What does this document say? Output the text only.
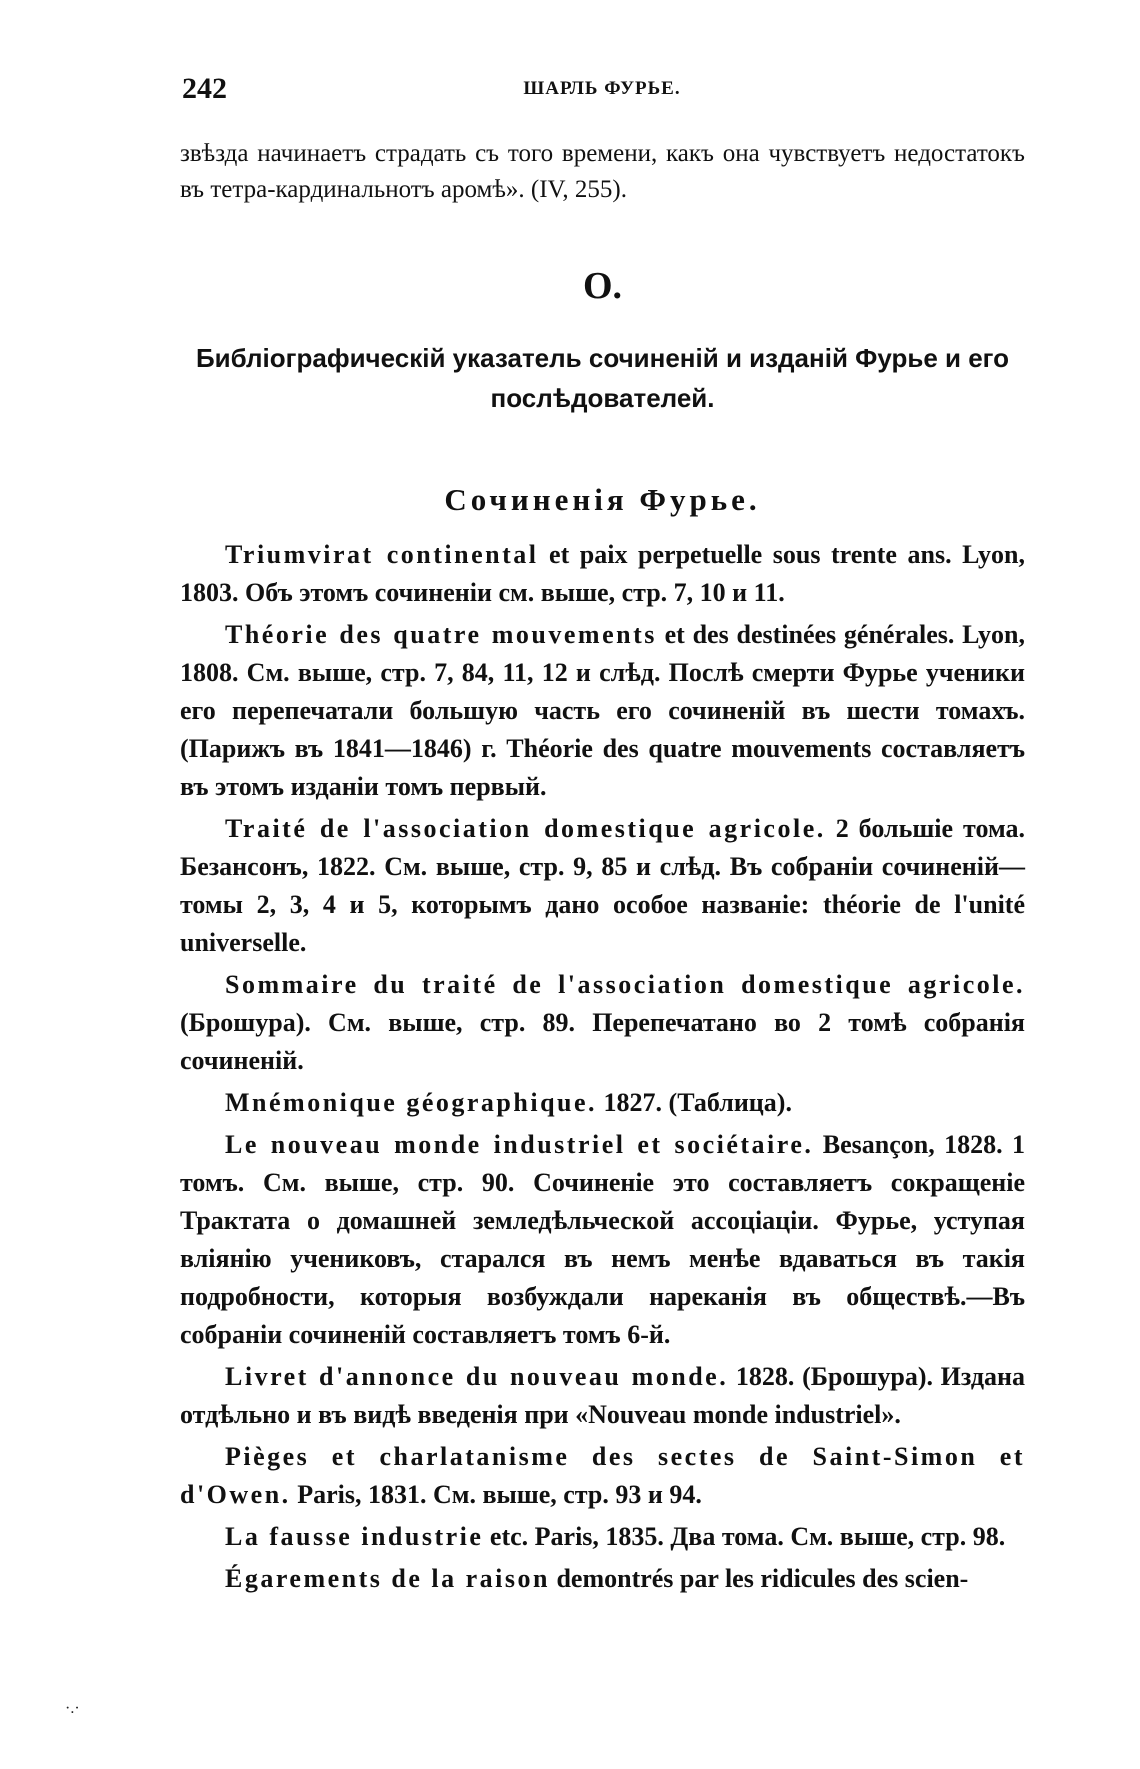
242	ШАРЛЬ ФУРЬЕ.

звѣзда начинаетъ страдать съ того времени, какъ она чувствуетъ недостатокъ въ тетра-кардинальнотъ аромѣ». (IV, 255).

O.
Библіографическій указатель сочиненій и изданій Фурье и его
послѣдователей.
Сочиненія Фурье.

Triumvirat continental et paix perpetuelle sous trente ans. Lyon, 1803. Объ этомъ сочиненіи см. выше, стр. 7, 10 и 11.

Théorie des quatre mouvements et des destinées générales. Lyon, 1808. См. выше, стр. 7, 84, 11, 12 и слѣд. Послѣ смерти Фурье ученики его перепечатали большую часть его сочиненій въ шести томахъ. (Парижъ въ 1841—1846) г. Théorie des quatre mouvements составляетъ въ этомъ изданіи томъ первый.

Traité de l'association domestique agricole. 2 большіе тома. Безансонъ, 1822. См. выше, стр. 9, 85 и слѣд. Въ собраніи сочиненій— томы 2, 3, 4 и 5, которымъ дано особое названіе: théorie de l'unité universelle.

Sommaire du traité de l'association domestique agricole. (Брошура). См. выше, стр. 89. Перепечатано во 2 томѣ собранія сочиненій.

Mnémonique géographique. 1827. (Таблица).

Le nouveau monde industriel et sociétaire. Besançon, 1828. 1 томъ. См. выше, стр. 90. Сочиненіе это составляетъ сокращеніе Трактата о домашней земледѣльческой ассоціаціи. Фурье, уступая вліянію учениковъ, старался въ немъ менѣе вдаваться въ такія подробности, которыя возбуждали нареканія въ обществѣ.—Въ собраніи сочиненій составляетъ томъ 6-й.

Livret d'annonce du nouveau monde. 1828. (Брошура). Издана отдѣльно и въ видѣ введенія при «Nouveau monde industriel».

Pièges et charlatanisme des sectes de Saint-Simon et d'Owen. Paris, 1831. См. выше, стр. 93 и 94.

La fausse industrie etc. Paris, 1835. Два тома. См. выше, стр. 98.

Égarements de la raison demontrés par les ridicules des scien-

·.·
